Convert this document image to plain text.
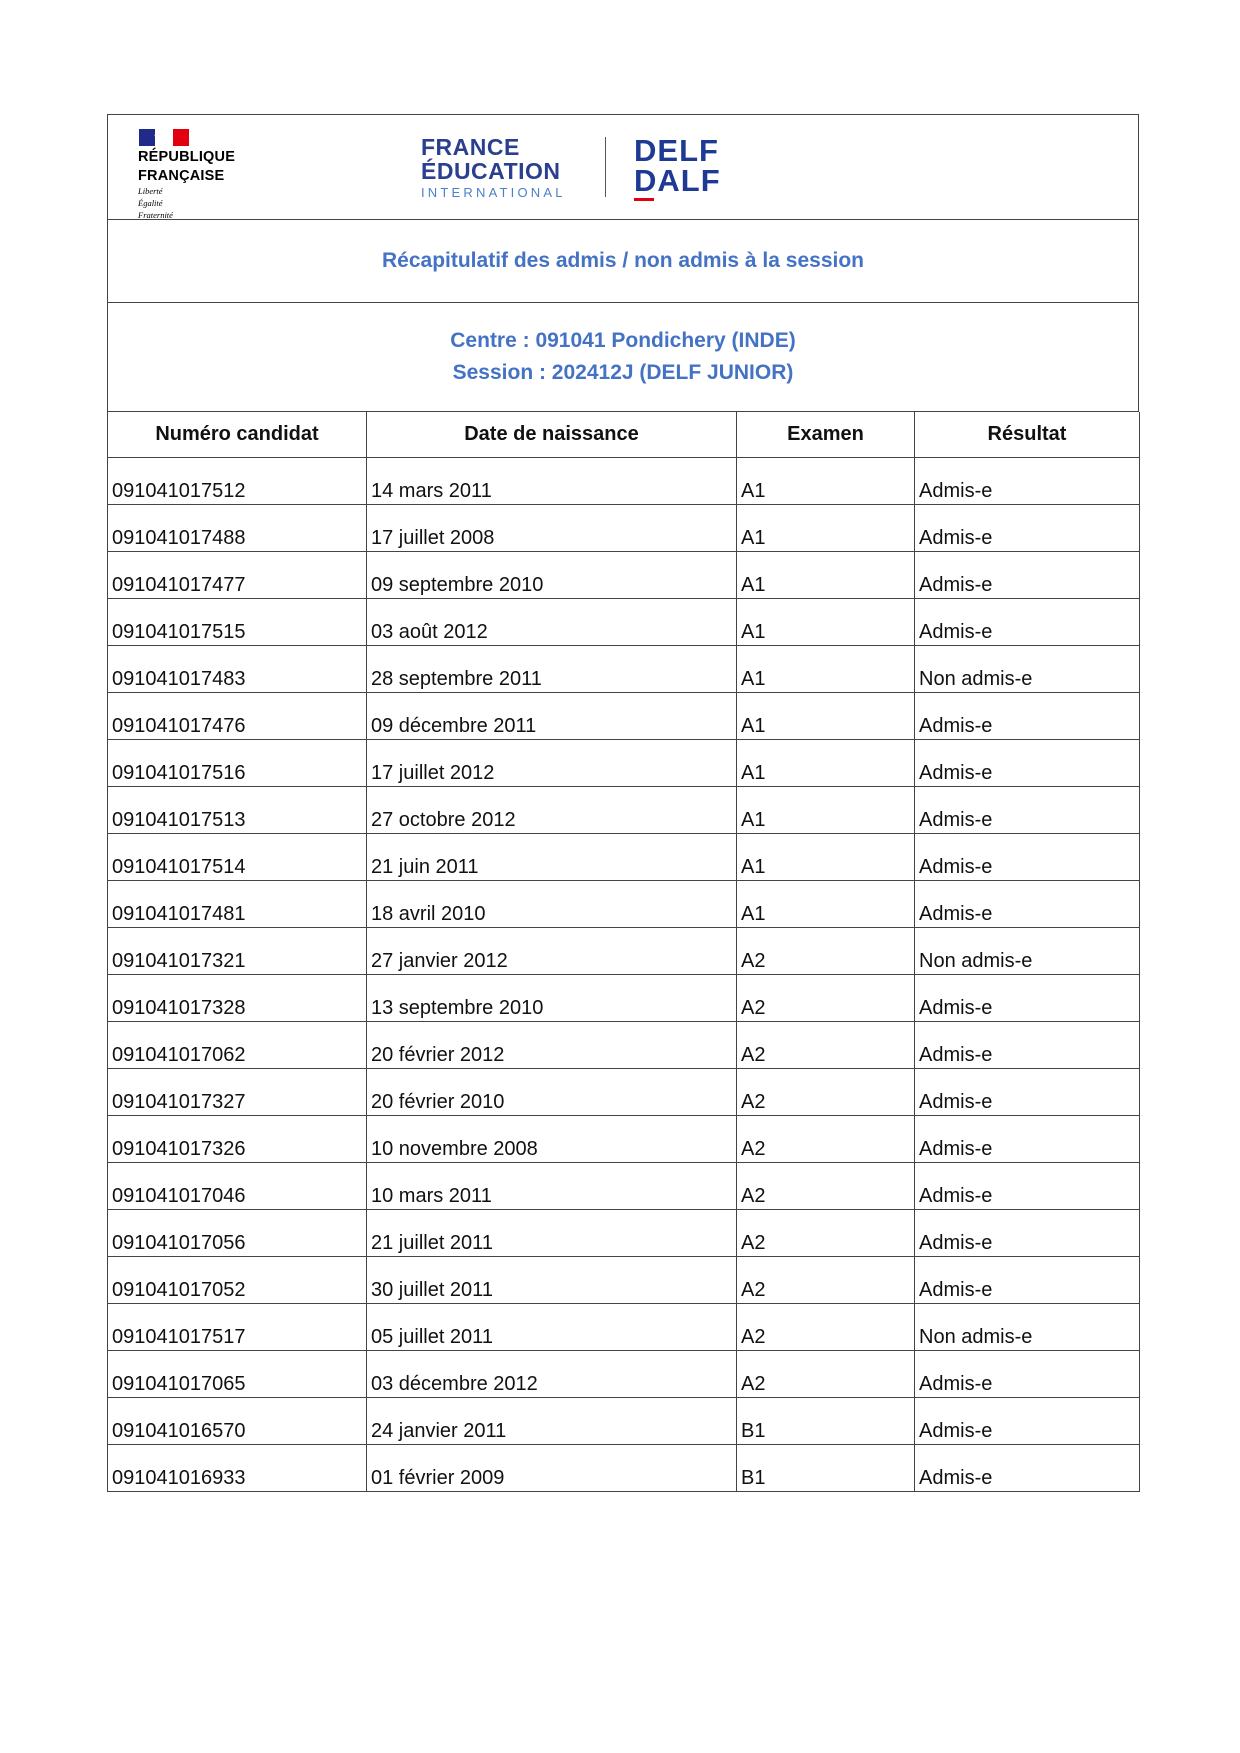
RÉPUBLIQUE
FRANÇAISE
Liberté
Égalité
Fraternité
FRANCE
ÉDUCATION
INTERNATIONAL
DELF
DALF
Récapitulatif des admis / non admis à la session
Centre : 091041 Pondichery (INDE)
Session : 202412J (DELF JUNIOR)
Numéro candidat	Date de naissance	Examen	Résultat
091041017512	14 mars 2011	A1	Admis-e
091041017488	17 juillet 2008	A1	Admis-e
091041017477	09 septembre 2010	A1	Admis-e
091041017515	03 août 2012	A1	Admis-e
091041017483	28 septembre 2011	A1	Non admis-e
091041017476	09 décembre 2011	A1	Admis-e
091041017516	17 juillet 2012	A1	Admis-e
091041017513	27 octobre 2012	A1	Admis-e
091041017514	21 juin 2011	A1	Admis-e
091041017481	18 avril 2010	A1	Admis-e
091041017321	27 janvier 2012	A2	Non admis-e
091041017328	13 septembre 2010	A2	Admis-e
091041017062	20 février 2012	A2	Admis-e
091041017327	20 février 2010	A2	Admis-e
091041017326	10 novembre 2008	A2	Admis-e
091041017046	10 mars 2011	A2	Admis-e
091041017056	21 juillet 2011	A2	Admis-e
091041017052	30 juillet 2011	A2	Admis-e
091041017517	05 juillet 2011	A2	Non admis-e
091041017065	03 décembre 2012	A2	Admis-e
091041016570	24 janvier 2011	B1	Admis-e
091041016933	01 février 2009	B1	Admis-e
